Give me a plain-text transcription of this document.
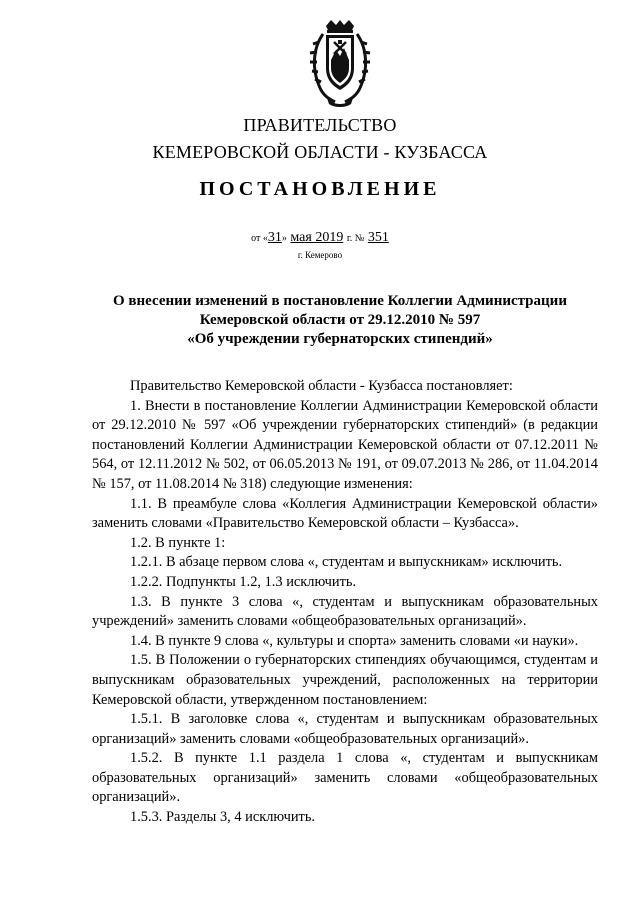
ПРАВИТЕЛЬСТВО
КЕМЕРОВСКОЙ ОБЛАСТИ - КУЗБАССА
ПОСТАНОВЛЕНИЕ
от «31» мая 2019 г. № 351
г. Кемерово
О внесении изменений в постановление Коллегии Администрации
Кемеровской области от 29.12.2010 № 597
«Об учреждении губернаторских стипендий»

Правительство Кемеровской области - Кузбасса постановляет:

1. Внести в постановление Коллегии Администрации Кемеровской области от 29.12.2010 № 597 «Об учреждении губернаторских стипендий» (в редакции постановлений Коллегии Администрации Кемеровской области от 07.12.2011 № 564, от 12.11.2012 № 502, от 06.05.2013 № 191, от 09.07.2013 № 286, от 11.04.2014 № 157, от 11.08.2014 № 318) следующие изменения:

1.1. В преамбуле слова «Коллегия Администрации Кемеровской области» заменить словами «Правительство Кемеровской области – Кузбасса».

1.2. В пункте 1:

1.2.1. В абзаце первом слова «, студентам и выпускникам» исключить.

1.2.2. Подпункты 1.2, 1.3 исключить.

1.3. В пункте 3 слова «, студентам и выпускникам образовательных учреждений» заменить словами «общеобразовательных организаций».

1.4. В пункте 9 слова «, культуры и спорта» заменить словами «и науки».

1.5. В Положении о губернаторских стипендиях обучающимся, студентам и выпускникам образовательных учреждений, расположенных на территории Кемеровской области, утвержденном постановлением:

1.5.1. В заголовке слова «, студентам и выпускникам образовательных организаций» заменить словами «общеобразовательных организаций».

1.5.2. В пункте 1.1 раздела 1 слова «, студентам и выпускникам образовательных организаций» заменить словами «общеобразовательных организаций».

1.5.3. Разделы 3, 4 исключить.
